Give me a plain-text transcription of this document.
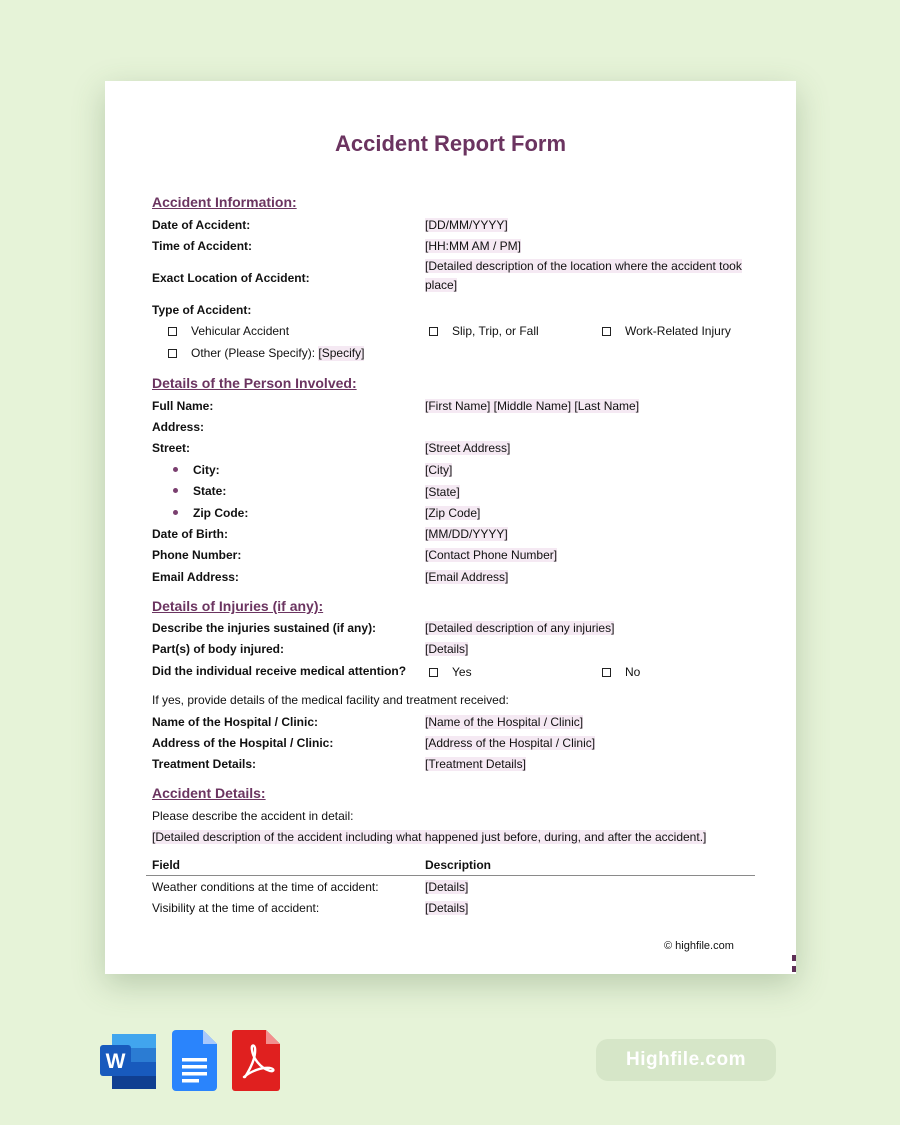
Accident Report Form
Accident Information:
Date of Accident:	[DD/MM/YYYY]
Time of Accident:	[HH:MM AM / PM]
Exact Location of Accident:
[Detailed description of the location where the accident took place]
Type of Accident:
Vehicular Accident	Slip, Trip, or Fall	Work-Related Injury
Other (Please Specify):
[Specify]
Details of the Person Involved:
Full Name:	[First Name] [Middle Name] [Last Name]
Address:
Street:	[Street Address]
City:	[City]
State:	[State]
Zip Code:	[Zip Code]
Date of Birth:	[MM/DD/YYYY]
Phone Number:	[Contact Phone Number]
Email Address:	[Email Address]
Details of Injuries (if any):
Describe the injuries sustained (if any):	[Detailed description of any injuries]
Part(s) of body injured:	[Details]
Did the individual receive medical attention?	Yes	No
If yes, provide details of the medical facility and treatment received:
Name of the Hospital / Clinic:	[Name of the Hospital / Clinic]
Address of the Hospital / Clinic:	[Address of the Hospital / Clinic]
Treatment Details:	[Treatment Details]
Accident Details:
Please describe the accident in detail:
[Detailed description of the accident including what happened just before, during, and after the accident.]
Field	Description
Weather conditions at the time of accident:	[Details]
Visibility at the time of accident:	[Details]
© highfile.com
W	Highfile.com
